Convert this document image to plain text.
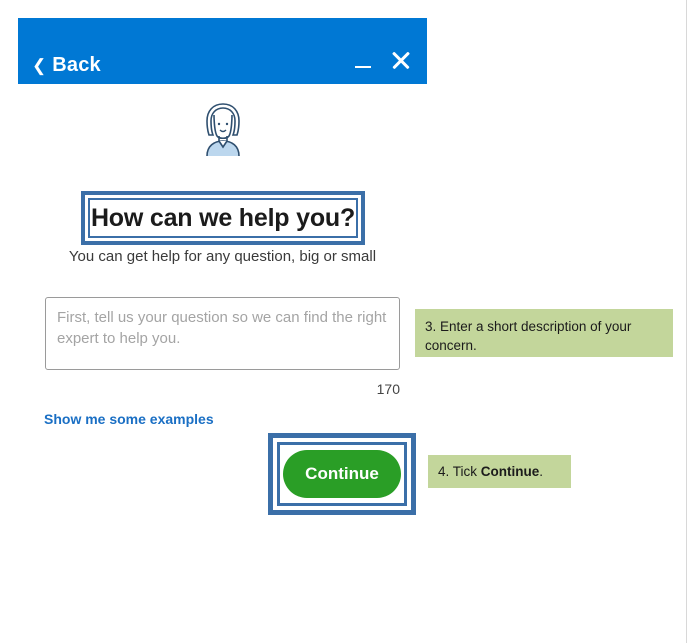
❮ Back
How can we help you?
You can get help for any question, big or small
First, tell us your question so we can find the right expert to help you.
170
Show me some examples
Continue
3. Enter a short description of your concern.
4. Tick Continue.
